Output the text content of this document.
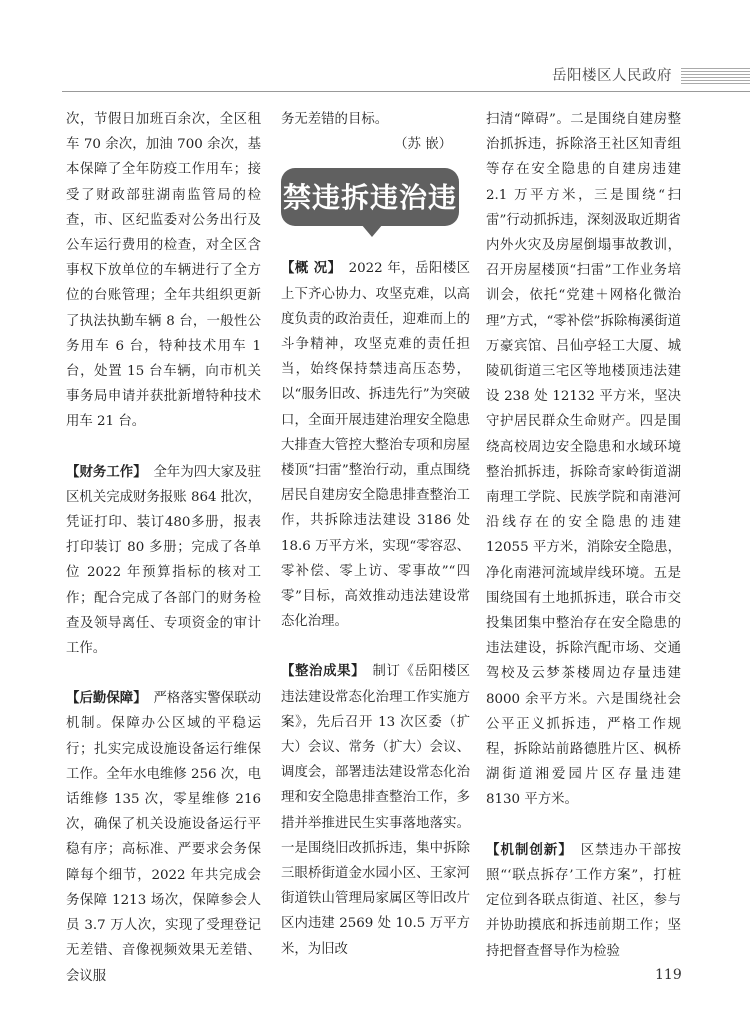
岳阳楼区人民政府

次，节假日加班百余次，全区租车 70 余次，加油 700 余次，基本保障了全年防疫工作用车；接受了财政部驻湖南监管局的检查，市、区纪监委对公务出行及公车运行费用的检查，对全区含事权下放单位的车辆进行了全方位的台账管理；全年共组织更新了执法执勤车辆 8 台，一般性公务用车 6 台，特种技术用车 1 台，处置 15 台车辆，向市机关事务局申请并获批新增特种技术用车 21 台。

【财务工作】　 全年为四大家及驻区机关完成财务报账 864 批次，凭证打印、装订480多册，报表打印装订 80 多册；完成了各单位 2022 年预算指标的核对工作；配合完成了各部门的财务检查及领导离任、专项资金的审计工作。

【后勤保障】　 严格落实警保联动机制。保障办公区域的平稳运行；扎实完成设施设备运行维保工作。全年水电维修 256 次，电话维修 135 次，零星维修 216 次，确保了机关设施设备运行平稳有序；高标准、严要求会务保障每个细节，2022 年共完成会务保障 1213 场次，保障参会人员 3.7 万人次，实现了受理登记无差错、音像视频效果无差错、会议服

务无差错的目标。

（苏 嵌）

禁违拆违治违

【概 况】　 2022 年，岳阳楼区上下齐心协力、攻坚克难，以高度负责的政治责任，迎难而上的斗争精神，攻坚克难的责任担当，始终保持禁违高压态势，以“服务旧改、拆违先行”为突破口，全面开展违建治理安全隐患大排查大管控大整治专项和房屋楼顶“扫雷”整治行动，重点围绕居民自建房安全隐患排查整治工作，共拆除违法建设 3186 处 18.6 万平方米，实现“零容忍、零补偿、零上访、零事故”“四零”目标，高效推动违法建设常态化治理。

【整治成果】　 制订《岳阳楼区违法建设常态化治理工作实施方案》，先后召开 13 次区委（扩大）会议、常务（扩大）会议、调度会，部署违法建设常态化治理和安全隐患排查整治工作，多措并举推进民生实事落地落实。一是围绕旧改抓拆违，集中拆除三眼桥街道金水园小区、王家河街道铁山管理局家属区等旧改片区内违建 2569 处 10.5 万平方米，为旧改

扫清“障碍”。二是围绕自建房整治抓拆违，拆除洛王社区知青组等存在安全隐患的自建房违建 2.1 万平方米，三是围绕“扫雷”行动抓拆违，深刻汲取近期省内外火灾及房屋倒塌事故教训，召开房屋楼顶“扫雷”工作业务培训会，依托“党建＋网格化微治理”方式，“零补偿”拆除梅溪街道万豪宾馆、吕仙亭轻工大厦、城陵矶街道三宅区等地楼顶违法建设 238 处 12132 平方米，坚决守护居民群众生命财产。四是围绕高校周边安全隐患和水域环境整治抓拆违，拆除奇家岭街道湖南理工学院、民族学院和南港河沿线存在的安全隐患的违建 12055 平方米，消除安全隐患，净化南港河流域岸线环境。五是围绕国有土地抓拆违，联合市交投集团集中整治存在安全隐患的违法建设，拆除汽配市场、交通驾校及云梦茶楼周边存量违建 8000 余平方米。六是围绕社会公平正义抓拆违，严格工作规程，拆除站前路德胜片区、枫桥湖街道湘爱园片区存量违建 8130 平方米。

【机制创新】　 区禁违办干部按照“‘联点拆存’工作方案”，打桩定位到各联点街道、社区，参与并协助摸底和拆违前期工作；坚持把督查督导作为检验

119
